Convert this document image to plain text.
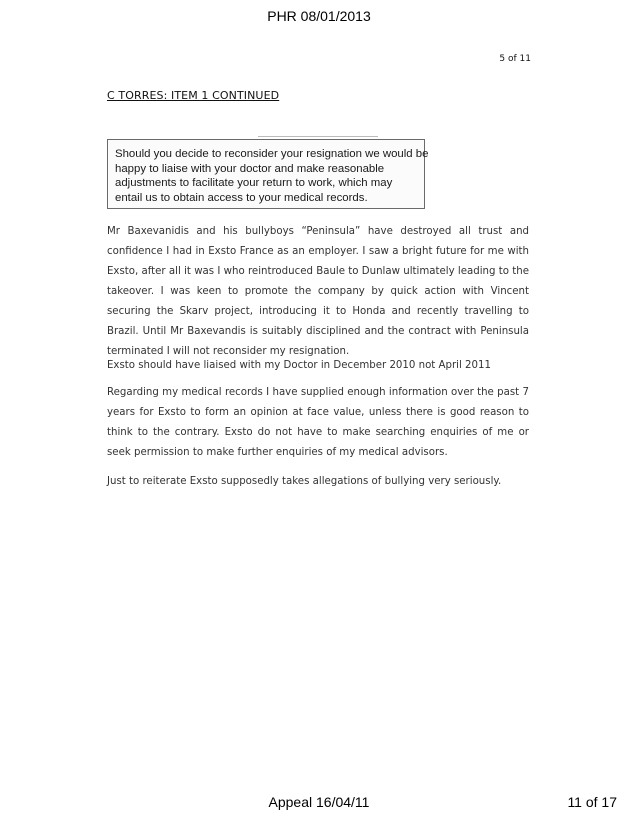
PHR 08/01/2013
5 of 11
C TORRES: ITEM 1 CONTINUED
Should you decide to reconsider your resignation we would be
happy to liaise with your doctor and make reasonable
adjustments to facilitate your return to work, which may
entail us to obtain access to your medical records.

Mr Baxevanidis and his bullyboys “Peninsula” have destroyed all trust and confidence I had in Exsto France as an employer. I saw a bright future for me with Exsto, after all it was I who reintroduced Baule to Dunlaw ultimately leading to the takeover. I was keen to promote the company by quick action with Vincent securing the Skarv project, introducing it to Honda and recently travelling to Brazil. Until Mr Baxevandis is suitably disciplined and the contract with Peninsula terminated I will not reconsider my resignation.

Exsto should have liaised with my Doctor in December 2010 not April 2011

Regarding my medical records I have supplied enough information over the past 7 years for Exsto to form an opinion at face value, unless there is good reason to think to the contrary. Exsto do not have to make searching enquiries of me or seek permission to make further enquiries of my medical advisors.

Just to reiterate Exsto supposedly takes allegations of bullying very seriously.

Appeal 16/04/11	11 of 17
